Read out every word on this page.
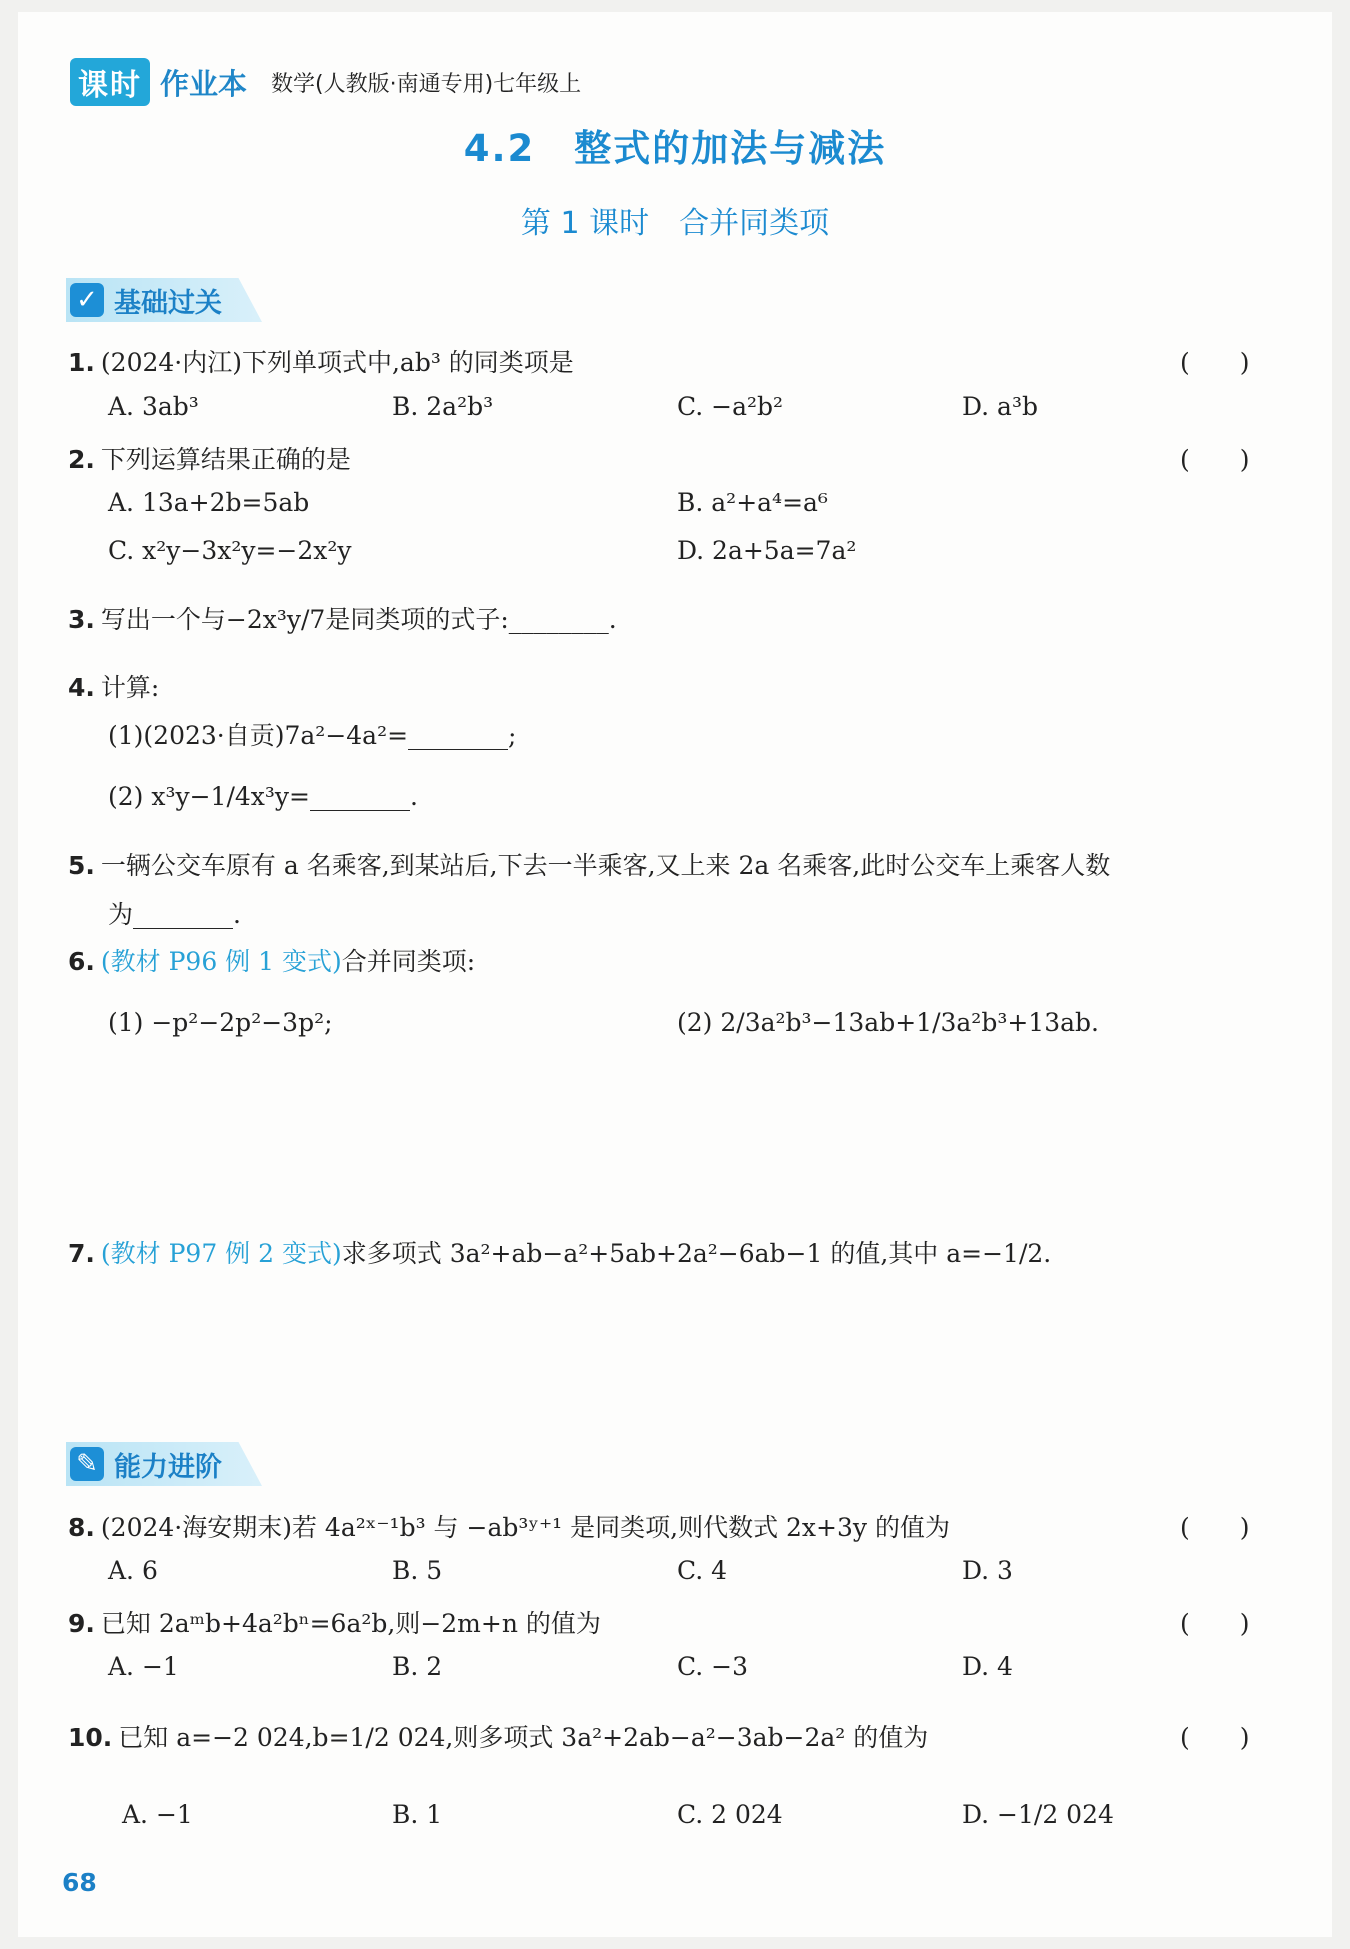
课时 作业本 数学(人教版·南通专用)七年级上
4.2　整式的加法与减法
第 1 课时　合并同类项
✓ 基础过关
1. (2024·内江)下列单项式中,ab³ 的同类项是	(　　)
A. 3ab³	B. 2a²b³	C. −a²b²	D. a³b
2. 下列运算结果正确的是	(　　)
A. 13a+2b=5ab	B. a²+a⁴=a⁶
C. x²y−3x²y=−2x²y	D. 2a+5a=7a²
3. 写出一个与−2x³y/7是同类项的式子:________.
4. 计算:
(1)(2023·自贡)7a²−4a²=________;
(2) x³y−1/4x³y=________.
5. 一辆公交车原有 a 名乘客,到某站后,下去一半乘客,又上来 2a 名乘客,此时公交车上乘客人数
为________.
6. (教材 P96 例 1 变式)合并同类项:
(1) −p²−2p²−3p²;	(2) 2/3a²b³−13ab+1/3a²b³+13ab.
7. (教材 P97 例 2 变式)求多项式 3a²+ab−a²+5ab+2a²−6ab−1 的值,其中 a=−1/2.
✎ 能力进阶
8. (2024·海安期末)若 4a²ˣ⁻¹b³ 与 −ab³ʸ⁺¹ 是同类项,则代数式 2x+3y 的值为	(　　)
A. 6	B. 5	C. 4	D. 3
9. 已知 2aᵐb+4a²bⁿ=6a²b,则−2m+n 的值为	(　　)
A. −1	B. 2	C. −3	D. 4
10. 已知 a=−2 024,b=1/2 024,则多项式 3a²+2ab−a²−3ab−2a² 的值为	(　　)
A. −1	B. 1	C. 2 024	D. −1/2 024
68
